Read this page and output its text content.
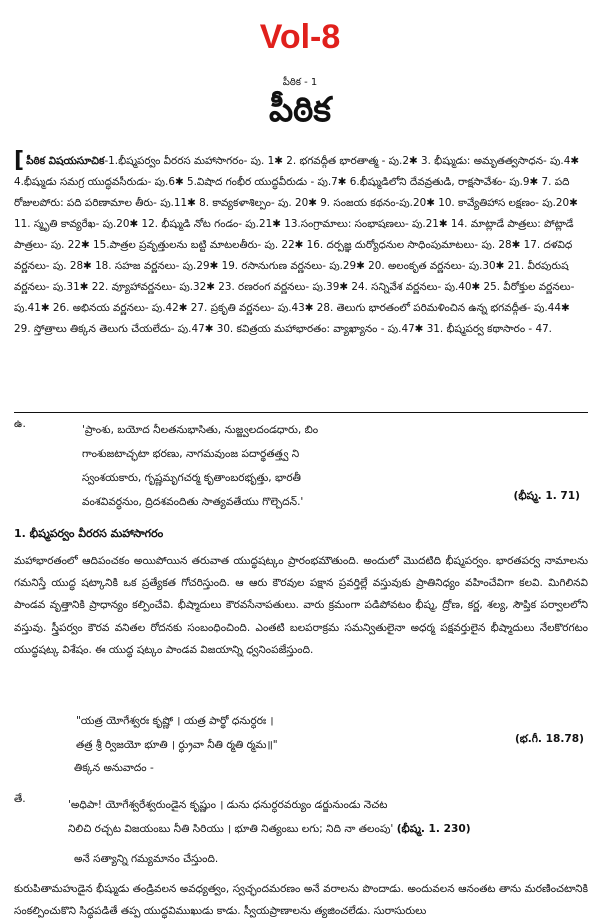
Vol-8
పీఠిక - 1
పీఠిక
[ పీఠిక విషయసూచిక-1.భీష్మపర్వం వీరరస మహాసాగరం- పు. 1✱ 2. భగవద్గీత భారతాత్మ - పు.2✱ 3. భీష్ముడు: అమృతత్వసాధన- పు.4✱ 4.భీష్ముడు సమగ్ర యుద్ధవసీరుడు- పు.6✱ 5.విషాద గంభీర యుద్ధవీరుడు - పు.7✱ 6.భీష్ముడిలోని దేవవ్రతుడి, రాక్షసావేశం- పు.9✱ 7. పది రోజులపోరు: పది పరిణామాల తీరు- పు.11✱ 8. కావ్యకళాశిల్పం- పు. 20✱ 9. సంజయ కథనం-పు.20✱ 10. కావ్యేతిహాస లక్షణం- పు.20✱ 11. స్మృతి కావ్యరేఖ- పు.20✱ 12. భీష్ముడి నోట గండం- పు.21✱ 13.సంగ్రామాలు: సంభాషణలు- పు.21✱ 14. మాట్లాడే పాత్రలు: పోట్లాడే పాత్రలు- పు. 22✱ 15.పాత్రల ప్రవృత్తులను బట్టి మాటలతీరు- పు. 22✱ 16. దర్పజ్ఞ దుర్యోధనుల సాధింపుమాటలు- పు. 28✱ 17. దళవిధ వర్ణనలు- పు. 28✱ 18. సహజ వర్ణనలు- పు.29✱ 19. రసానుగుణ వర్ణనలు- పు.29✱ 20. అలంకృత వర్ణనలు- పు.30✱ 21. వీరపురుష వర్ణనలు- పు.31✱ 22. వ్యూహావర్ణనలు- పు.32✱ 23. రణరంగ వర్ణనలు- పు.39✱ 24. సన్నివేశ వర్ణనలు- పు.40✱ 25. వీరోక్తుల వర్ణనలు- పు.41✱ 26. అభినయ వర్ణనలు- పు.42✱ 27. ప్రకృతి వర్ణనలు- పు.43✱ 28. తెలుగు భారతంలో పరిమళించిన ఉన్న భగవద్గీత- పు.44✱ 29. స్తోత్రాలు తిక్కన తెలుగు చేయలేదు- పు.47✱ 30. కవిత్రయ మహాభారతం: వ్యాఖ్యానం - పు.47✱ 31. భీష్మపర్వ కథాసారం - 47.
ఉ.	'ప్రాంశు, బయోద నీలతనుభాసితు, నుజ్జ్వలదండధారు, బిం
గాంశుజటాచ్ఛటా భరణు, నాగమవుంజ పదార్థతత్త్వ ని
స్వంశయకారు, గృష్ణమృగచర్మ కృతాంబరభృత్తు, భారతీ
వంశవివర్ధనుం, ద్రిదశవందితు సాత్యవతేయు గొల్చెదన్.'	(భీష్మ. 1. 71)
1. భీష్మపర్వం వీరరస మహాసాగరం
మహాభారతంలో ఆదిపంచకం అయిపోయిన తరువాత యుద్ధషట్కం ప్రారంభమౌతుంది. అందులో మొదటిది భీష్మపర్వం. భారతపర్వ నామాలను గమనిస్తే యుద్ధ షట్కానికి ఒక ప్రత్యేకత గోచరిస్తుంది. ఆ ఆరు కౌరవుల పక్షాన ప్రవర్తిల్లే వస్తువుకు ప్రాతినిధ్యం వహించేవిగా కలవి. మిగిలినవి పాండవ వృత్తానికి ప్రాధాన్యం కల్పించేవి. భీష్మాదులు కౌరవసేనాపతులు. వారు క్రమంగా పడిపోవటం భీష్మ, ద్రోణ, కర్ణ, శల్య, సౌప్తిక పర్వాలలోని వస్తువు. స్త్రీపర్వం కౌరవ వనితల రోదనకు సంబంధించింది. ఎంతటి బలపరాక్రమ సమన్వితులైనా అధర్మ పక్షవర్తులైన భీష్మాదులు నేలకొరగటం యుద్ధషట్క విశేషం. ఈ యుద్ధ షట్కం పాండవ విజయాన్ని ధ్వనింపజేస్తుంది.
"యత్ర యోగేశ్వరః కృష్ణో । యత్ర పార్థో ధనుర్ధరః ।
తత్ర శ్రీ ర్విజయో భూతి । ర్ధ్రువా నీతి ర్మతి ర్మమ॥"	(భ.గీ. 18.78)
తిక్కన అనువాదం -
తే.	'అధిపా! యోగేశ్వరేశ్వరుండైన కృష్ణుం । డును ధనుర్ధరవర్యుం డర్జునుండు నెచట
నిలిచి రచ్చట విజయంబు నీతి సిరియు । భూతి నిత్యంబు లగు; నిది నా తలంపు' (భీష్మ. 1. 230)
అనే సత్యాన్ని గమ్యమానం చేస్తుంది.
కురుపితామహుడైన భీష్ముడు తండ్రివలన అవధ్యత్వం, స్వచ్ఛందమరణం అనే వరాలను పొందాడు. అందువలన ఆనంతట తాను మరణించటానికి సంకల్పించుకొని సిద్ధపడితే తప్ప యుద్ధవిముఖుడు కాడు. స్వీయప్రాణాలను త్యజించలేడు. సురాసురులు
